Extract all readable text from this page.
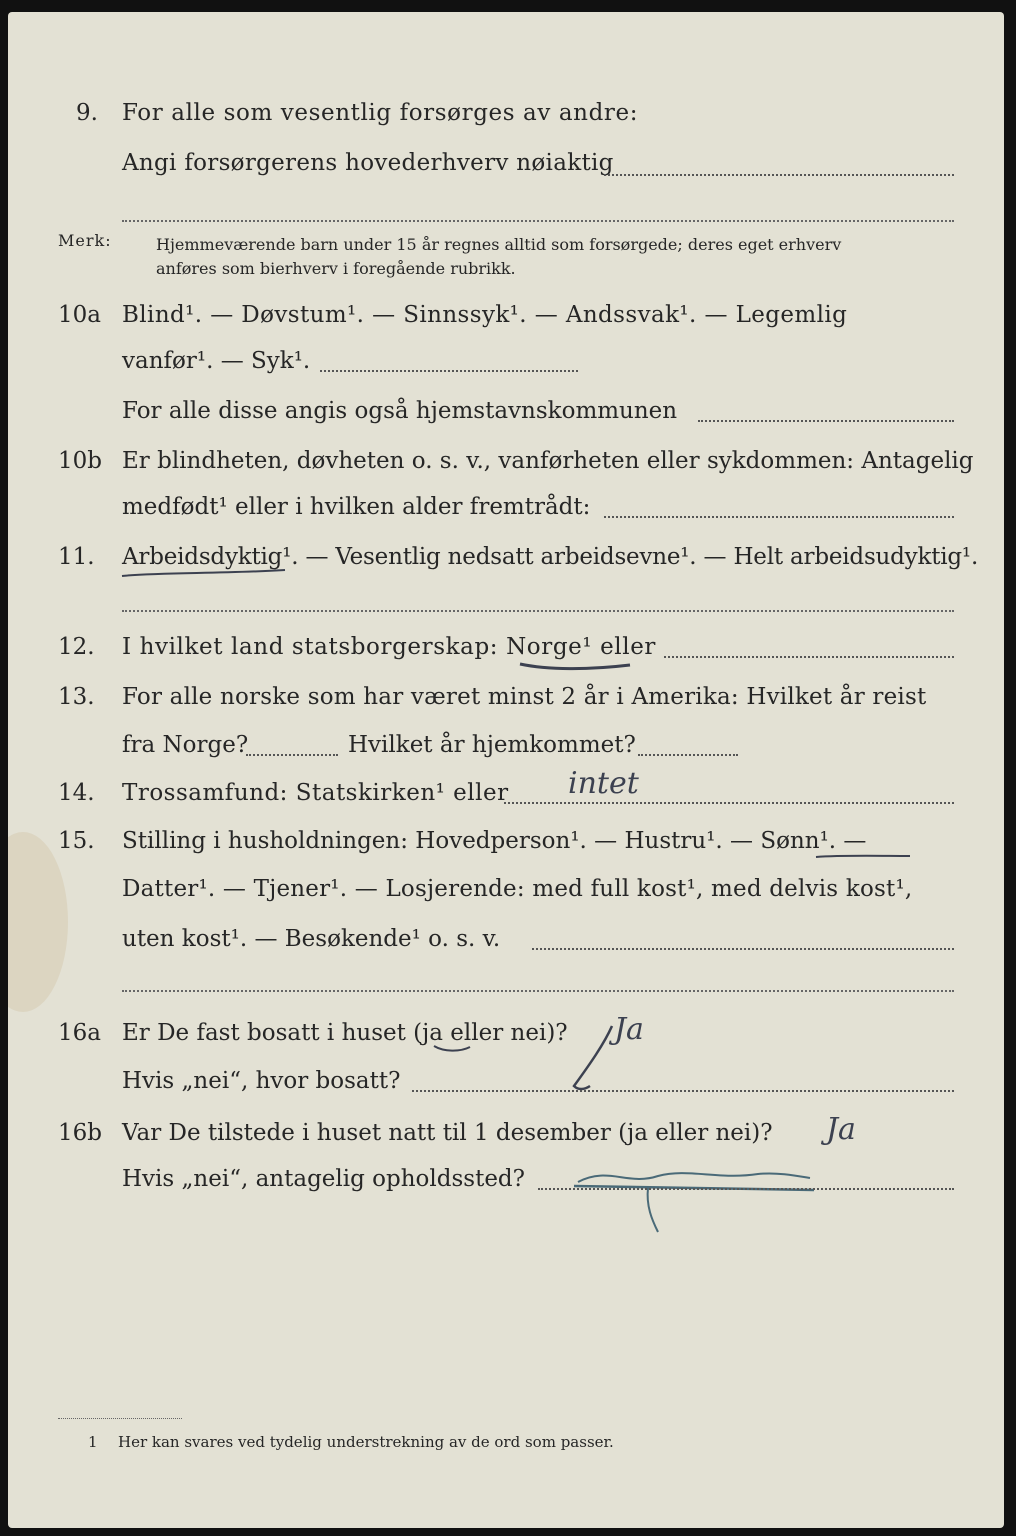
9. For alle som vesentlig forsørges av andre:
Angi forsørgerens hovederhverv nøiaktig
Merk:	Hjemmeværende barn under 15 år regnes alltid som forsørgede; deres eget erhverv
anføres som bierhverv i foregående rubrikk.
10a Blind¹. — Døvstum¹. — Sinnssyk¹. — Andssvak¹. — Legemlig
vanfør¹. — Syk¹.
For alle disse angis også hjemstavnskommunen
10b Er blindheten, døvheten o. s. v., vanførheten eller sykdommen: Antagelig
medfødt¹ eller i hvilken alder fremtrådt:
11. Arbeidsdyktig¹. — Vesentlig nedsatt arbeidsevne¹. — Helt arbeidsudyktig¹.
12. I hvilket land statsborgerskap: Norge¹ eller
13. For alle norske som har været minst 2 år i Amerika: Hvilket år reist
fra Norge?	Hvilket år hjemkommet?
14. Trossamfund: Statskirken¹ eller intet
15. Stilling i husholdningen: Hovedperson¹. — Hustru¹. — Sønn¹. —
Datter¹. — Tjener¹. — Losjerende: med full kost¹, med delvis kost¹,
uten kost¹. — Besøkende¹ o. s. v.
16a Er De fast bosatt i huset (ja eller nei)? Ja
Hvis „nei“, hvor bosatt?
16b Var De tilstede i huset natt til 1 desember (ja eller nei)? Ja
Hvis „nei“, antagelig opholdssted?
1 Her kan svares ved tydelig understrekning av de ord som passer.
